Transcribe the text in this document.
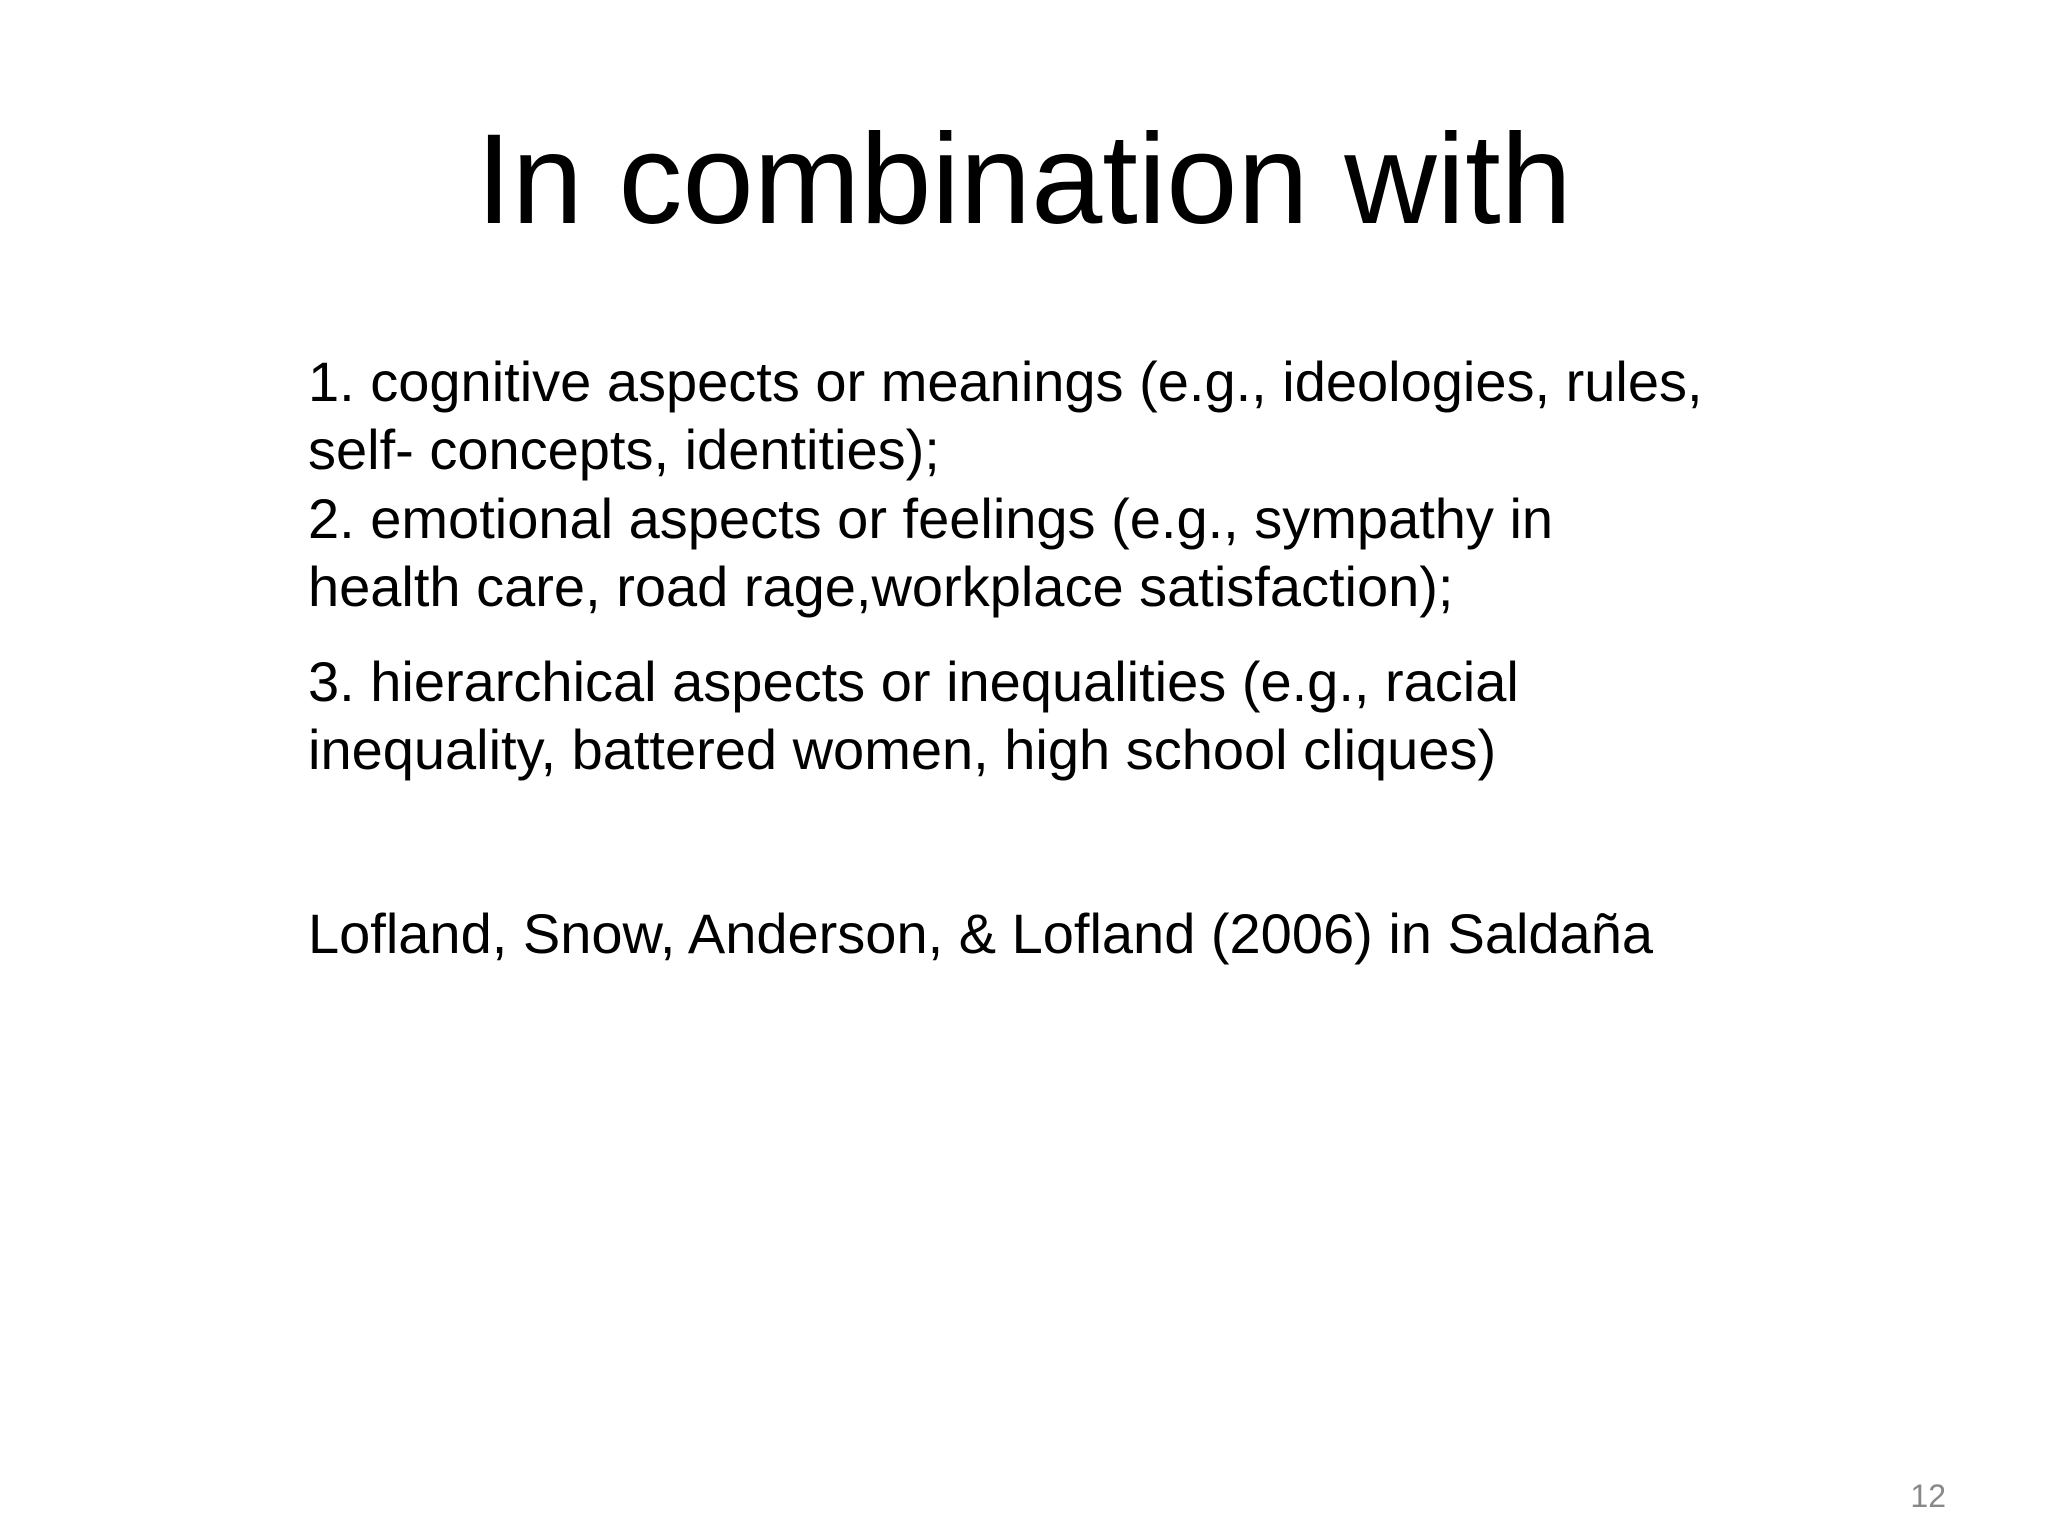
In combination with
1. cognitive aspects or meanings (e.g., ideologies, rules,
self- concepts, identities);
2. emotional aspects or feelings (e.g., sympathy in
health care, road rage,workplace satisfaction);
3. hierarchical aspects or inequalities (e.g., racial
inequality, battered women, high school cliques)
Lofland, Snow, Anderson, & Lofland (2006) in Saldaña
12
